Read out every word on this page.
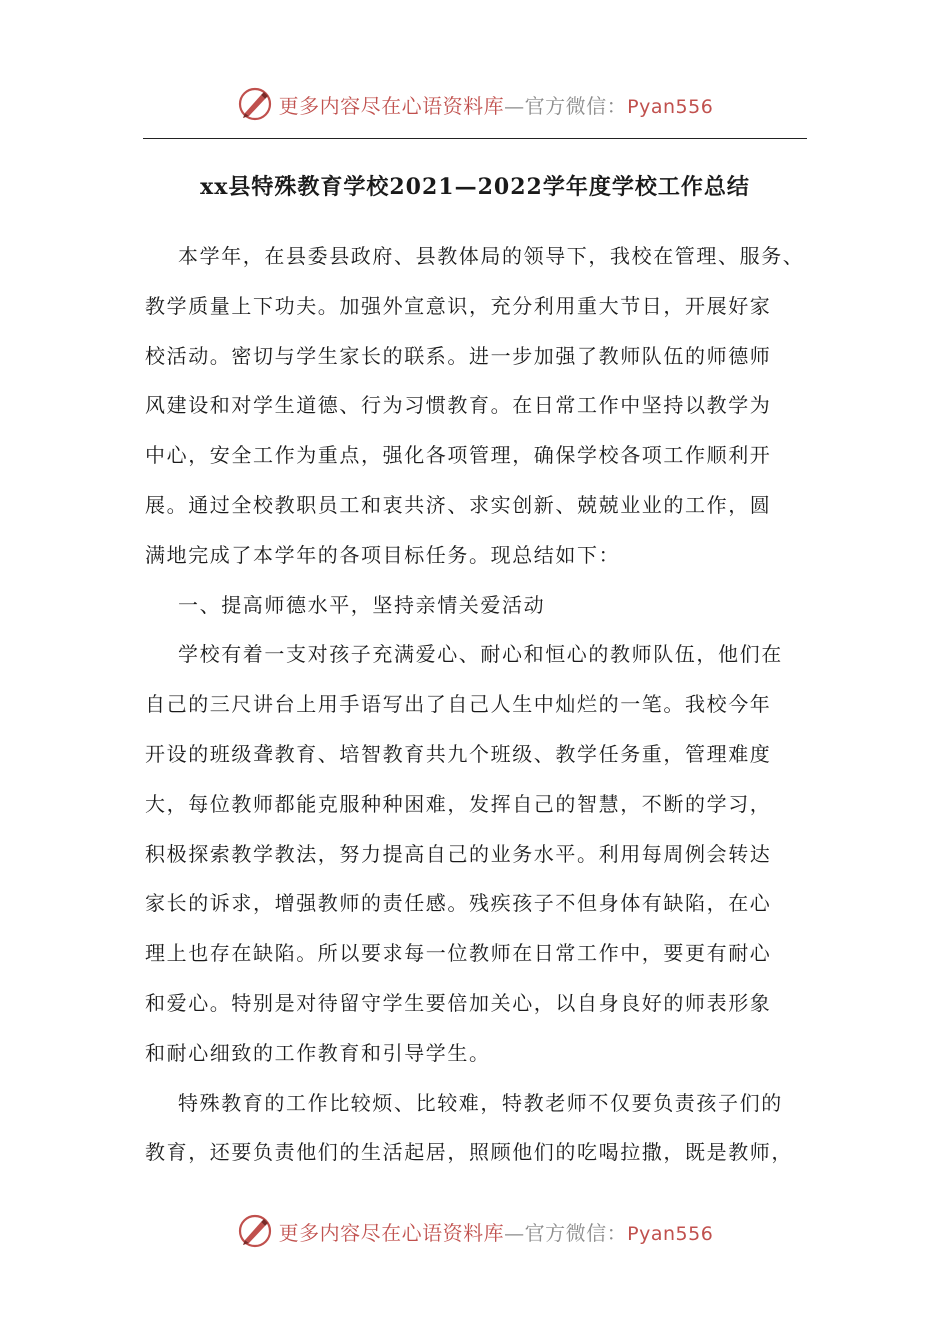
更多内容尽在心语资料库—官方微信：Pyan556
xx县特殊教育学校2021—2022学年度学校工作总结
本学年，在县委县政府、县教体局的领导下，我校在管理、服务、
教学质量上下功夫。加强外宣意识，充分利用重大节日，开展好家
校活动。密切与学生家长的联系。进一步加强了教师队伍的师德师
风建设和对学生道德、行为习惯教育。在日常工作中坚持以教学为
中心，安全工作为重点，强化各项管理，确保学校各项工作顺利开
展。通过全校教职员工和衷共济、求实创新、兢兢业业的工作，圆
满地完成了本学年的各项目标任务。现总结如下：
一、提高师德水平，坚持亲情关爱活动
学校有着一支对孩子充满爱心、耐心和恒心的教师队伍，他们在
自己的三尺讲台上用手语写出了自己人生中灿烂的一笔。我校今年
开设的班级聋教育、培智教育共九个班级、教学任务重，管理难度
大，每位教师都能克服种种困难，发挥自己的智慧，不断的学习，
积极探索教学教法，努力提高自己的业务水平。利用每周例会转达
家长的诉求，增强教师的责任感。残疾孩子不但身体有缺陷，在心
理上也存在缺陷。所以要求每一位教师在日常工作中，要更有耐心
和爱心。特别是对待留守学生要倍加关心，以自身良好的师表形象
和耐心细致的工作教育和引导学生。
特殊教育的工作比较烦、比较难，特教老师不仅要负责孩子们的
教育，还要负责他们的生活起居，照顾他们的吃喝拉撒，既是教师，
更多内容尽在心语资料库—官方微信：Pyan556
